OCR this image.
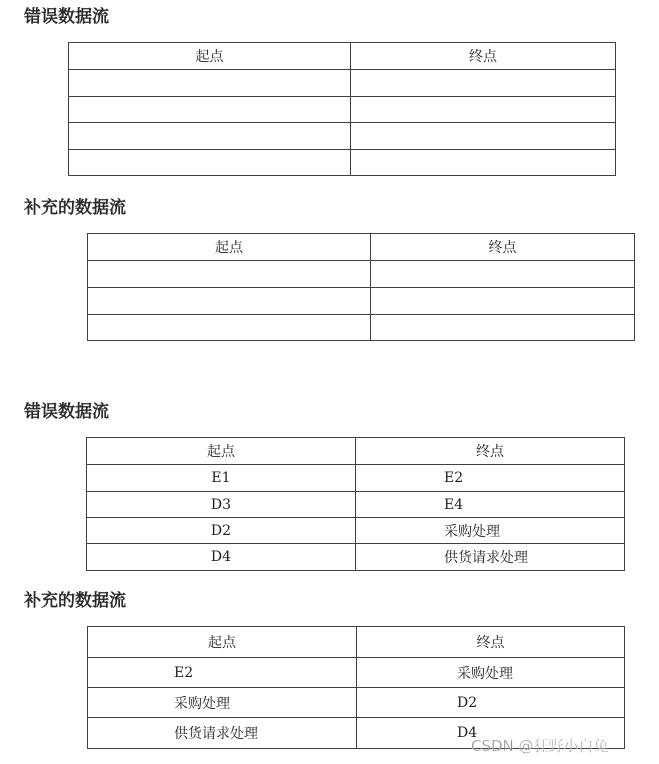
错误数据流
起点	终点

补充的数据流
起点	终点

错误数据流
起点	终点
E1	E2
D3	E4
D2	采购处理
D4	供货请求处理
补充的数据流
起点	终点
E2	采购处理
采购处理	D2
供货请求处理	D4
CSDN @狂野小白兔
